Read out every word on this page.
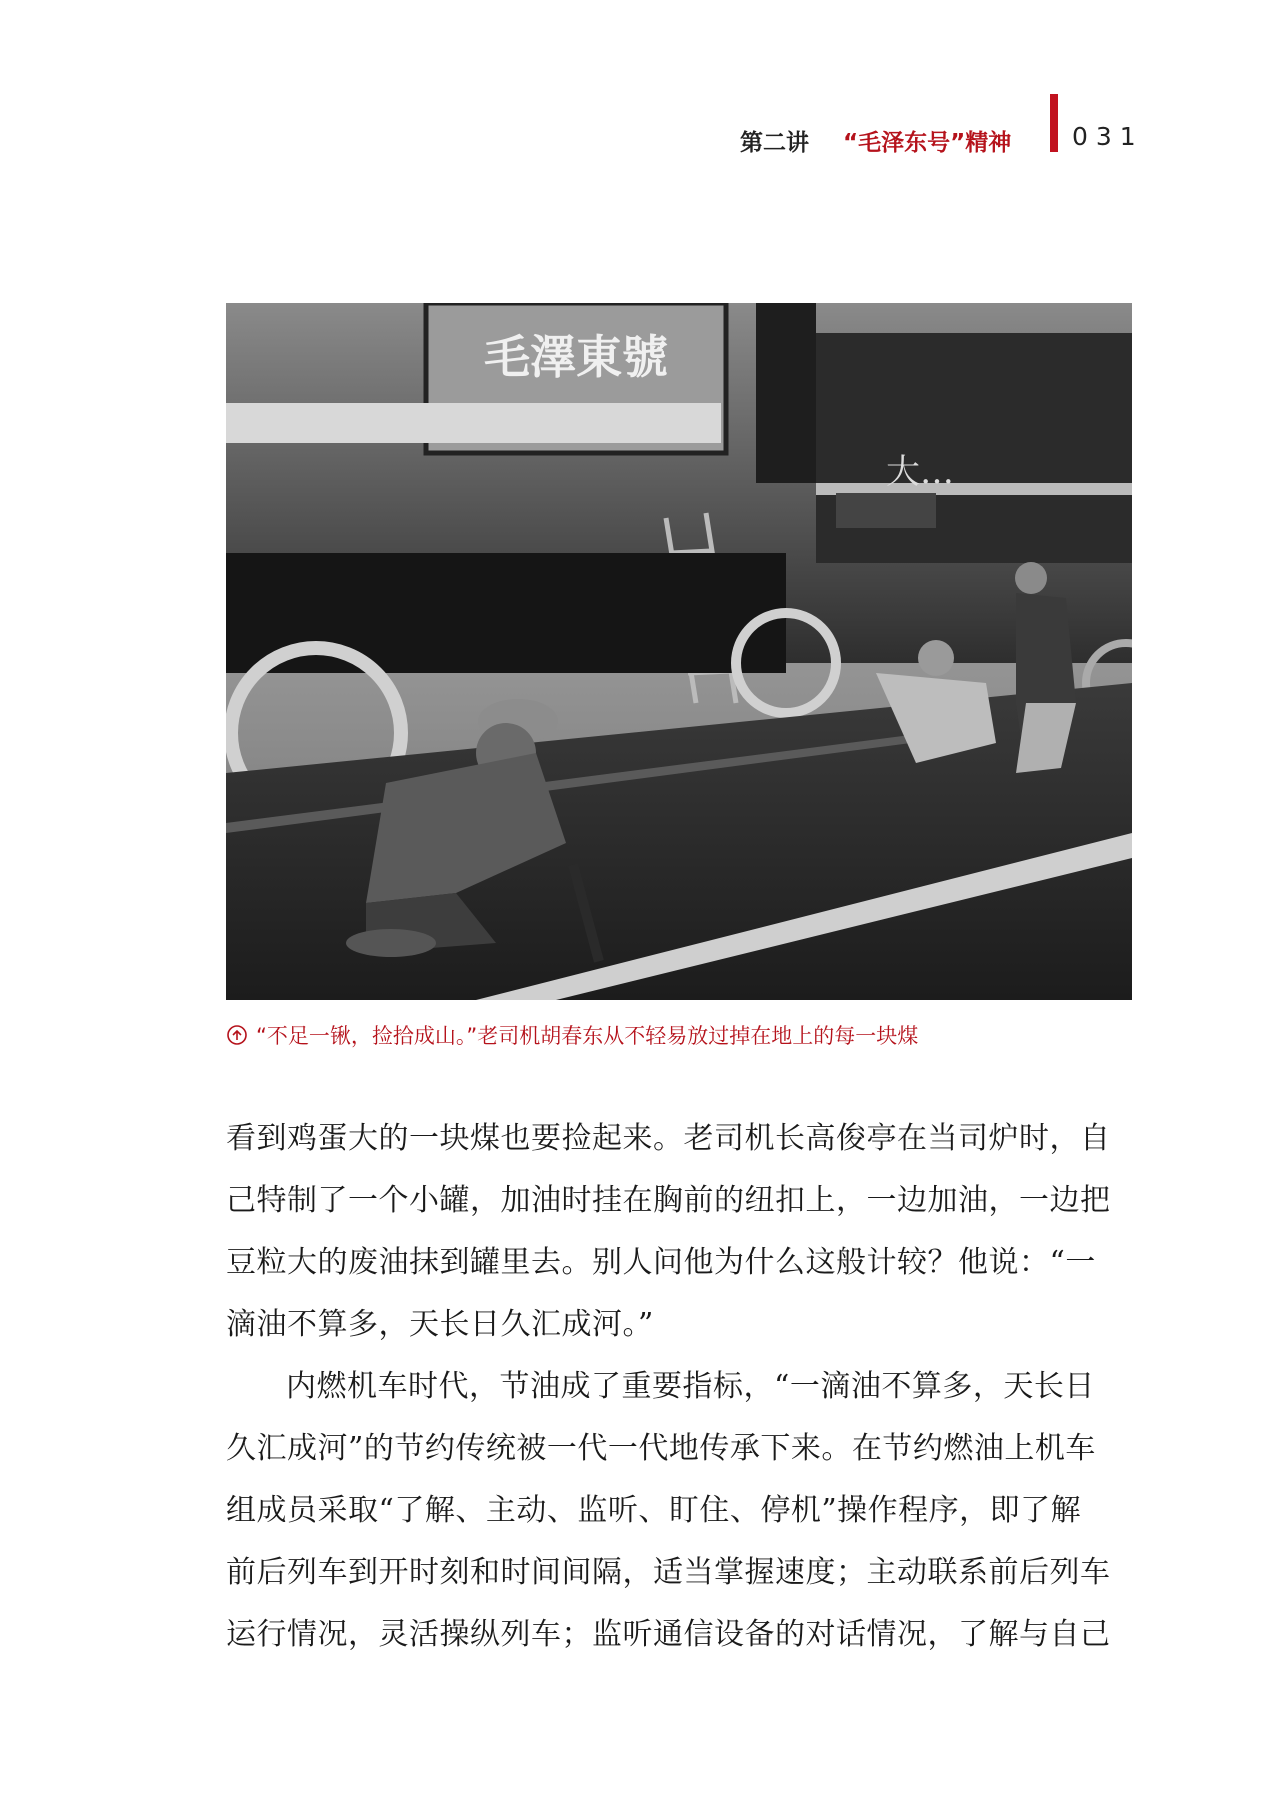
第二讲 “毛泽东号”精神 031
毛澤東號
大…
“不足一锹，捡拾成山。”老司机胡春东从不轻易放过掉在地上的每一块煤
看到鸡蛋大的一块煤也要捡起来。老司机长高俊亭在当司炉时，自
己特制了一个小罐，加油时挂在胸前的纽扣上，一边加油，一边把
豆粒大的废油抹到罐里去。别人问他为什么这般计较？他说：“一
滴油不算多，天长日久汇成河。”
内燃机车时代，节油成了重要指标，“一滴油不算多，天长日
久汇成河”的节约传统被一代一代地传承下来。在节约燃油上机车
组成员采取“了解、主动、监听、盯住、停机”操作程序，即了解
前后列车到开时刻和时间间隔，适当掌握速度；主动联系前后列车
运行情况，灵活操纵列车；监听通信设备的对话情况，了解与自己
